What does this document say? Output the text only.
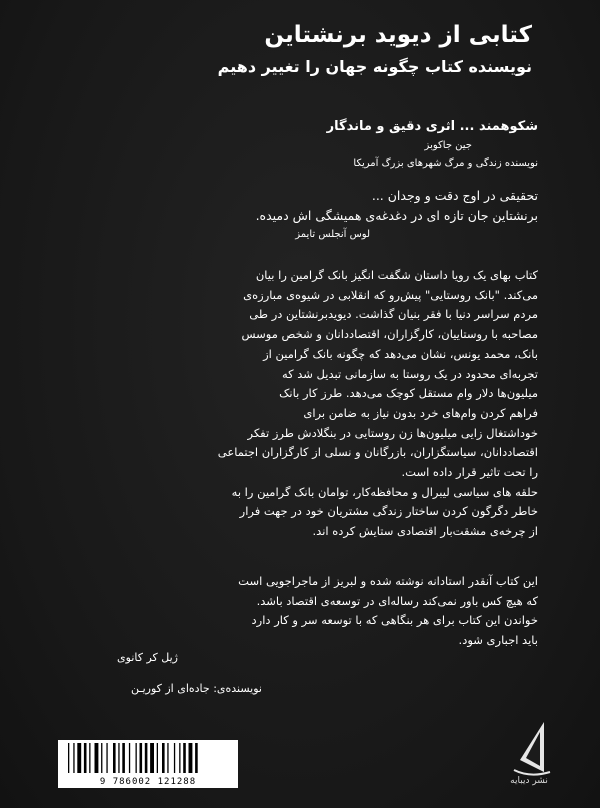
کتابی از دیوید برنشتاین
نویسنده کتاب چگونه جهان را تغییر دهیم
شکوهمند ... اثری دقیق و ماندگار
جین جاکوبز
نویسنده زندگی و مرگ شهرهای بزرگ آمریکا
تحقیقی در اوج دقت و وجدان ...
برنشتاین جان تازه ای در دغدغه‌ی همیشگی اش دمیده.
لوس آنجلس تایمز
کتاب بهای یک رویا داستان شگفت انگیز بانک گرامین را بیان
می‌کند. "بانک روستایی" پیش‌رو که انقلابی در شیوه‌ی مبارزه‌ی
مردم سراسر دنیا با فقر بنیان گذاشت. دیویدبرنشتاین در طی
مصاحبه با روستاییان، کارگزاران، اقتصاددانان و شخص موسس
بانک، محمد یونس، نشان می‌دهد که چگونه بانک گرامین از
تجربه‌ای محدود در یک روستا به سازمانی تبدیل شد که
میلیون‌ها دلار وام مستقل کوچک می‌دهد. طرز کار بانک
فراهم کردن وام‌های خرد بدون نیاز به ضامن برای
خوداشتغال زایی میلیون‌ها زن روستایی در بنگلادش طرز تفکر
اقتصاددانان، سیاستگزاران، بازرگانان و نسلی از کارگزاران اجتماعی
را تحت تاثیر قرار داده است.
حلقه های سیاسی لیبرال و محافظه‌کار، توامان بانک گرامین را به
خاطر دگرگون کردن ساختار زندگی مشتریان خود در جهت فرار
از چرخه‌ی مشقت‌بار اقتصادی ستایش کرده اند.
این کتاب آنقدر استادانه نوشته شده و لبریز از ماجراجویی است
که هیچ کس باور نمی‌کند رساله‌ای در توسعه‌ی اقتصاد باشد.
خواندن این کتاب برای هر بنگاهی که با توسعه سر و کار دارد
باید اجباری شود.
ژیل کر کانوی
نویسنده‌ی: جاده‌ای از کوریـن
9 786002 121288	نشر دیبایه
